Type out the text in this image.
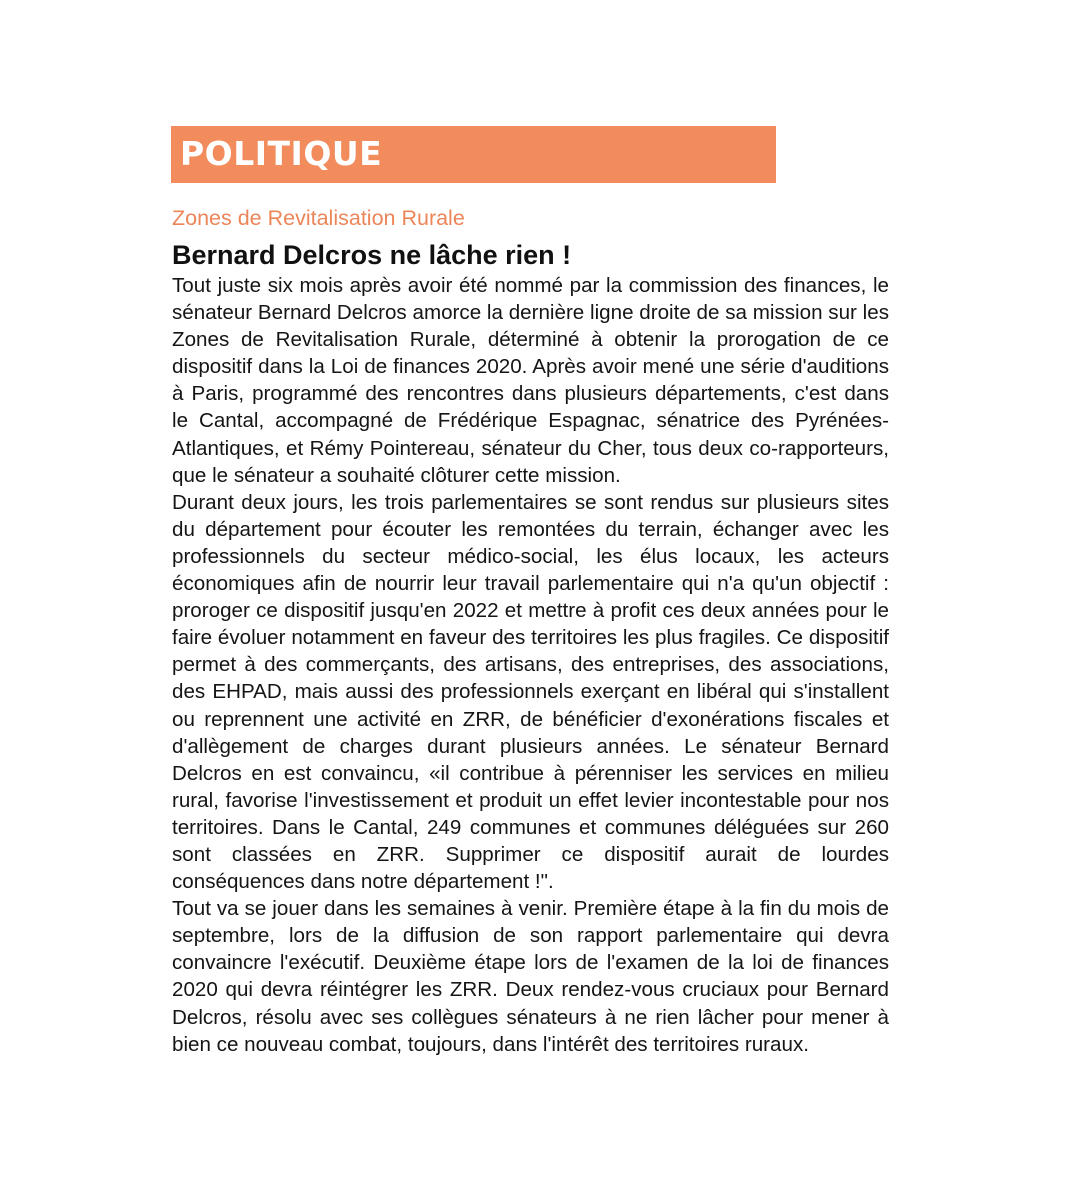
POLITIQUE
Zones de Revitalisation Rurale
Bernard Delcros ne lâche rien !

Tout juste six mois après avoir été nommé par la commission des finances, le sénateur Bernard Delcros amorce la dernière ligne droite de sa mission sur les Zones de Revitalisation Rurale, déterminé à obtenir la prorogation de ce dispositif dans la Loi de finances 2020. Après avoir mené une série d'auditions à Paris, programmé des rencontres dans plusieurs départements, c'est dans le Cantal, accompagné de Frédérique Espagnac, sénatrice des Pyrénées-Atlantiques, et Rémy Pointereau, sénateur du Cher, tous deux co-rapporteurs, que le sénateur a souhaité clôturer cette mission.

Durant deux jours, les trois parlementaires se sont rendus sur plusieurs sites du département pour écouter les remontées du terrain, échanger avec les professionnels du secteur médico-social, les élus locaux, les acteurs économiques afin de nourrir leur travail parlementaire qui n'a qu'un objectif : proroger ce dispositif jusqu'en 2022 et mettre à profit ces deux années pour le faire évoluer notamment en faveur des territoires les plus fragiles. Ce dispositif permet à des commerçants, des artisans, des entreprises, des associations, des EHPAD, mais aussi des professionnels exerçant en libéral qui s'installent ou reprennent une activité en ZRR, de bénéficier d'exonérations fiscales et d'allègement de charges durant plusieurs années. Le sénateur Bernard Delcros en est convaincu, «il contribue à pérenniser les services en milieu rural, favorise l'investissement et produit un effet levier incontestable pour nos territoires. Dans le Cantal, 249 communes et communes déléguées sur 260 sont classées en ZRR. Supprimer ce dispositif aurait de lourdes conséquences dans notre département !".

Tout va se jouer dans les semaines à venir. Première étape à la fin du mois de septembre, lors de la diffusion de son rapport parlementaire qui devra convaincre l'exécutif. Deuxième étape lors de l'examen de la loi de finances 2020 qui devra réintégrer les ZRR. Deux rendez-vous cruciaux pour Bernard Delcros, résolu avec ses collègues sénateurs à ne rien lâcher pour mener à bien ce nouveau combat, toujours, dans l'intérêt des territoires ruraux.
